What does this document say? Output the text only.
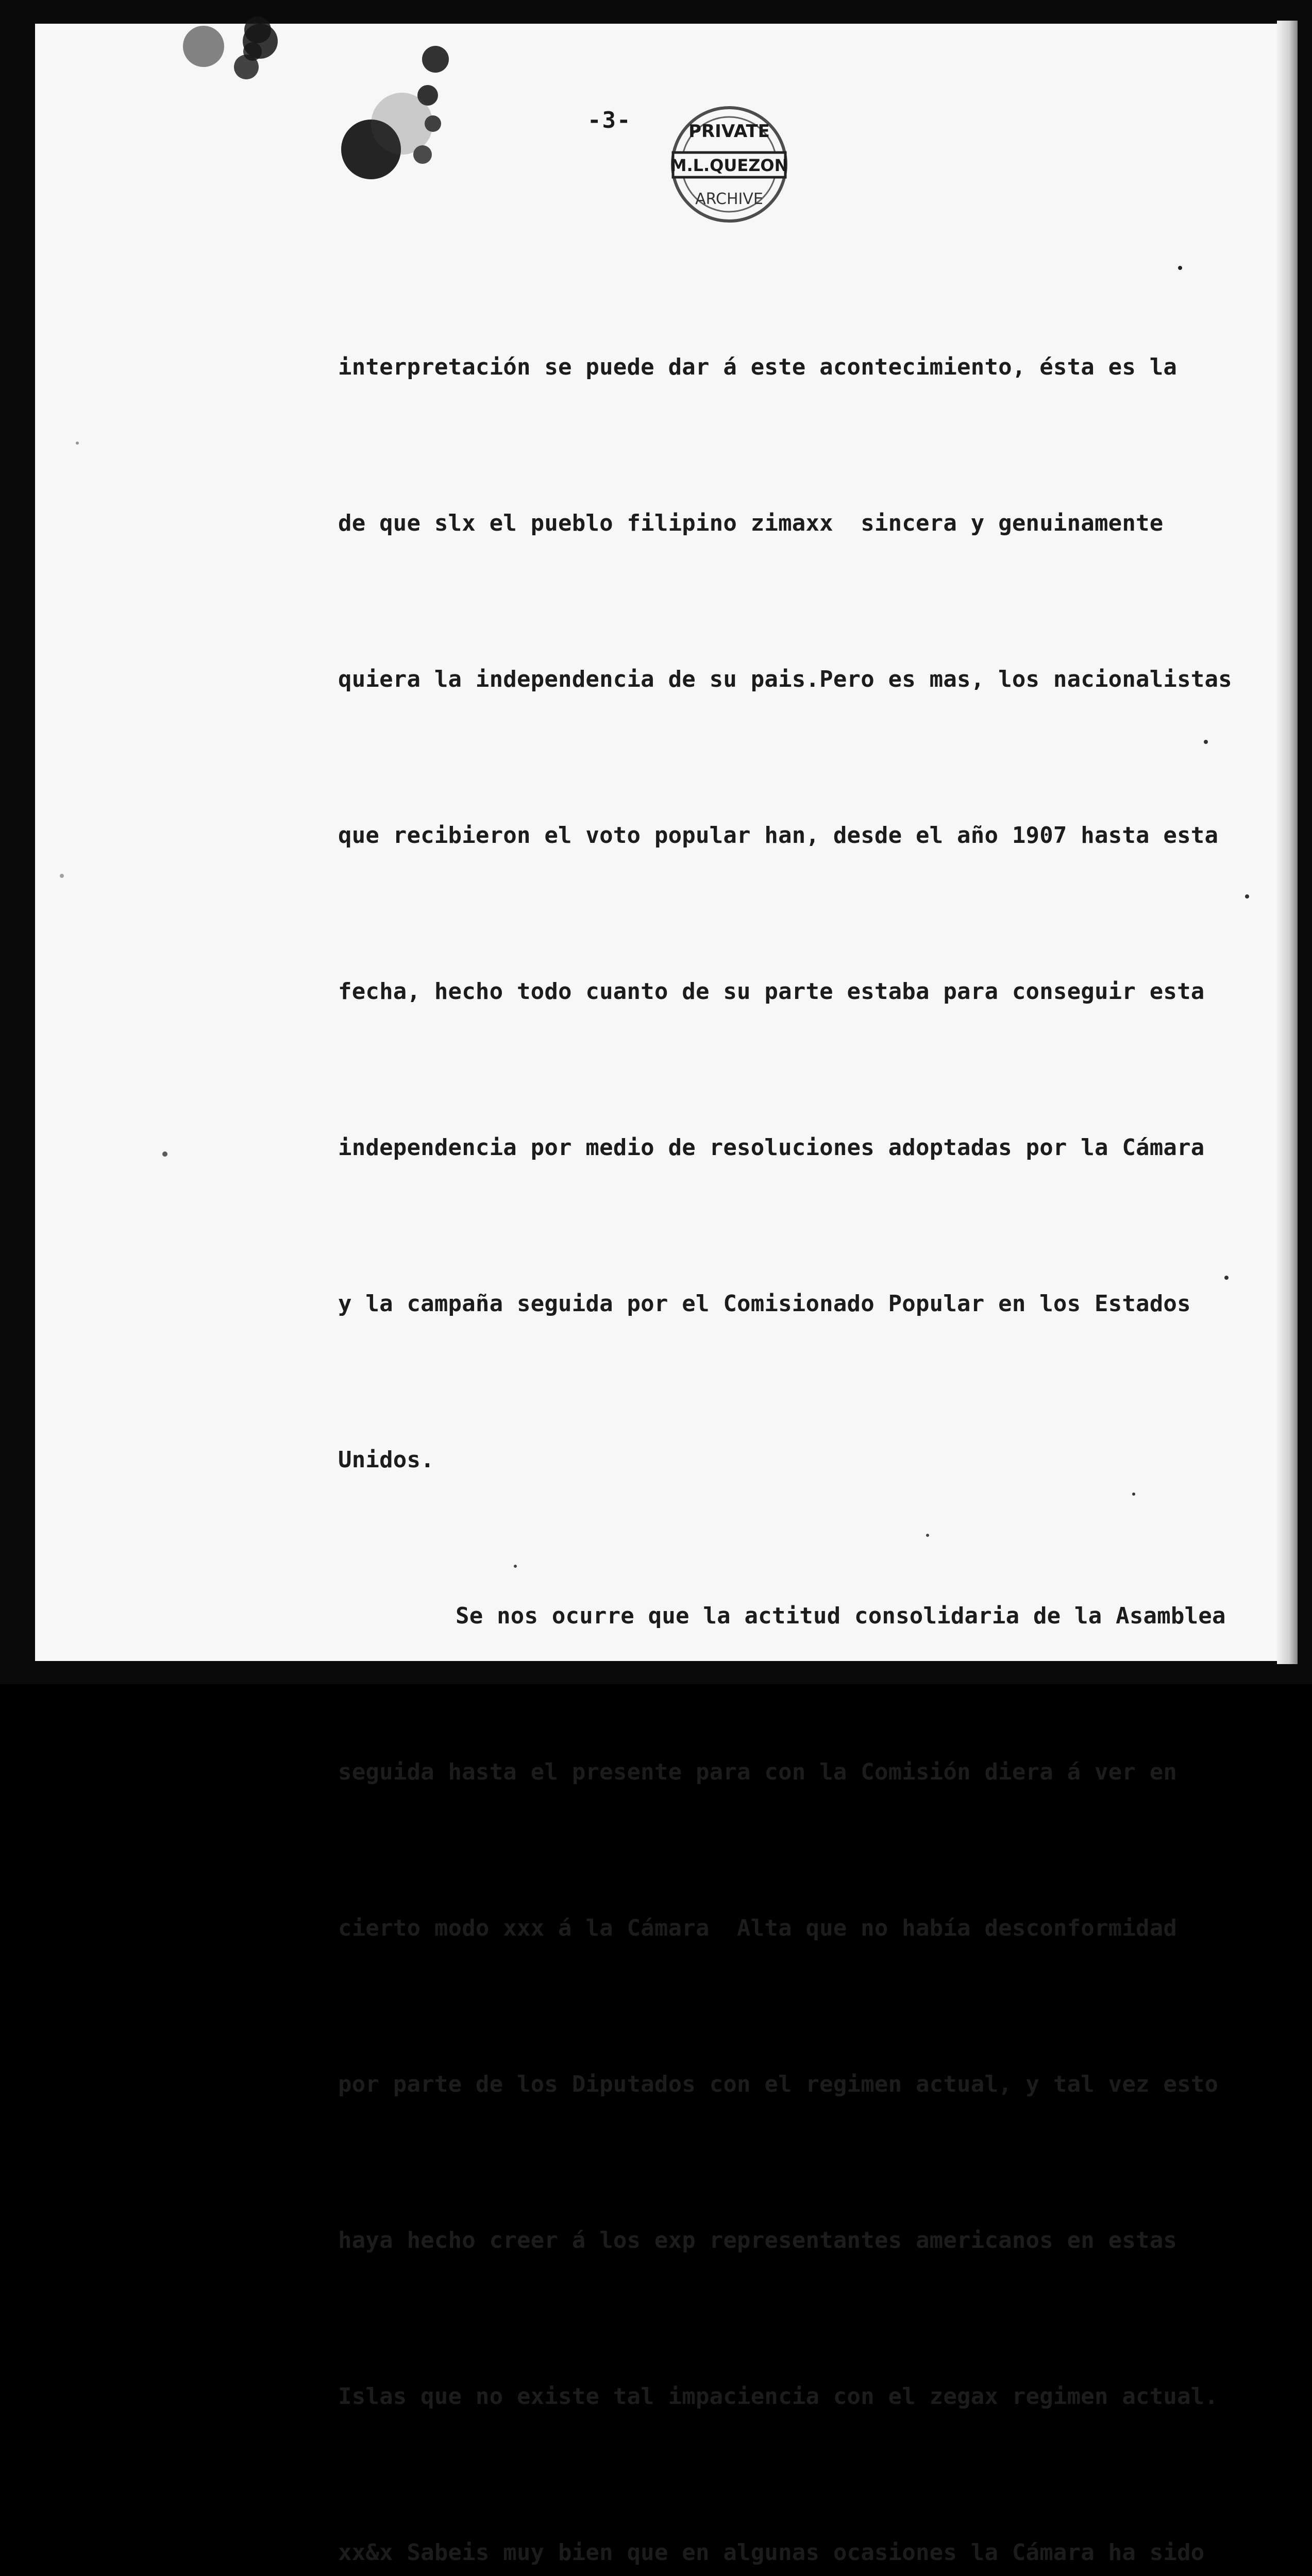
-3-	PRIVATE
M.L.QUEZON
ARCHIVE

interpretación se puede dar á este acontecimiento, ésta es la

de que slx el pueblo filipino zimaxx  sincera y genuinamente

quiera la independencia de su pais.Pero es mas, los nacionalistas

que recibieron el voto popular han, desde el año 1907 hasta esta

fecha, hecho todo cuanto de su parte estaba para conseguir esta

independencia por medio de resoluciones adoptadas por la Cámara

y la campaña seguida por el Comisionado Popular en los Estados

Unidos.

Se nos ocurre que la actitud consolidaria de la Asamblea

seguida hasta el presente para con la Comisión diera á ver en

cierto modo xxx á la Cámara  Alta que no había desconformidad

por parte de los Diputados con el regimen actual, y tal vez esto

haya hecho creer á los exp representantes americanos en estas

Islas que no existe tal impaciencia con el zegax regimen actual.

xx&x Sabeis muy bien que en algunas ocasiones la Cámara ha sido
